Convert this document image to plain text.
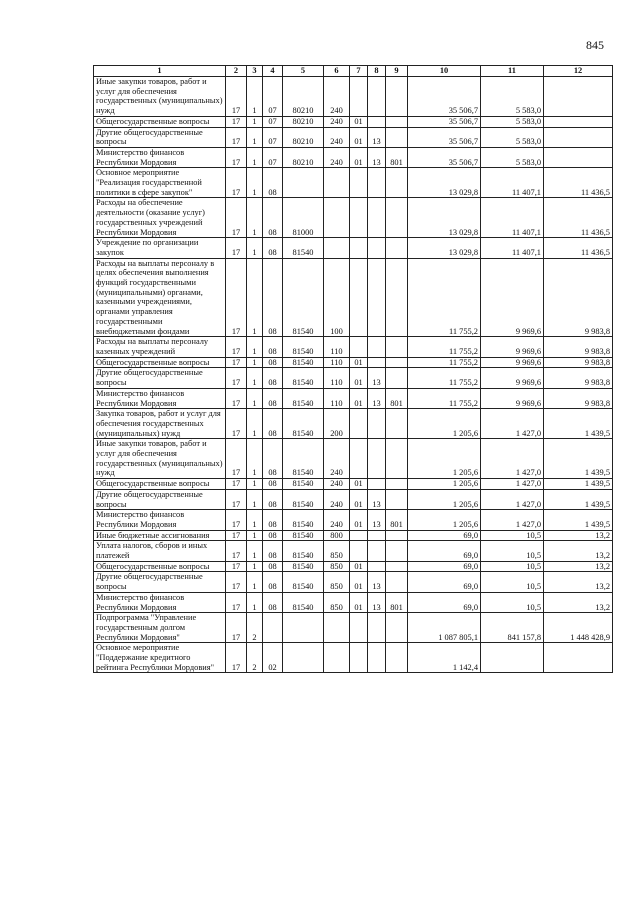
845
1	2	3	4	5	6	7	8	9	10	11	12
Иные закупки товаров, работ и услуг для обеспечения государственных (муниципальных) нужд	17	1	07	80210	240				35 506,7	5 583,0	
Общегосударственные вопросы	17	1	07	80210	240	01			35 506,7	5 583,0	
Другие общегосударственные вопросы	17	1	07	80210	240	01	13		35 506,7	5 583,0	
Министерство финансов Республики Мордовия	17	1	07	80210	240	01	13	801	35 506,7	5 583,0	
Основное мероприятие "Реализация государственной политики в сфере закупок"	17	1	08						13 029,8	11 407,1	11 436,5
Расходы на обеспечение деятельности (оказание услуг) государственных учреждений Республики Мордовия	17	1	08	81000					13 029,8	11 407,1	11 436,5
Учреждение по организации закупок	17	1	08	81540					13 029,8	11 407,1	11 436,5
Расходы на выплаты персоналу в целях обеспечения выполнения функций государственными (муниципальными) органами, казенными учреждениями, органами управления государственными внебюджетными фондами	17	1	08	81540	100				11 755,2	9 969,6	9 983,8
Расходы на выплаты персоналу казенных учреждений	17	1	08	81540	110				11 755,2	9 969,6	9 983,8
Общегосударственные вопросы	17	1	08	81540	110	01			11 755,2	9 969,6	9 983,8
Другие общегосударственные вопросы	17	1	08	81540	110	01	13		11 755,2	9 969,6	9 983,8
Министерство финансов Республики Мордовия	17	1	08	81540	110	01	13	801	11 755,2	9 969,6	9 983,8
Закупка товаров, работ и услуг для обеспечения государственных (муниципальных) нужд	17	1	08	81540	200				1 205,6	1 427,0	1 439,5
Иные закупки товаров, работ и услуг для обеспечения государственных (муниципальных) нужд	17	1	08	81540	240				1 205,6	1 427,0	1 439,5
Общегосударственные вопросы	17	1	08	81540	240	01			1 205,6	1 427,0	1 439,5
Другие общегосударственные вопросы	17	1	08	81540	240	01	13		1 205,6	1 427,0	1 439,5
Министерство финансов Республики Мордовия	17	1	08	81540	240	01	13	801	1 205,6	1 427,0	1 439,5
Иные бюджетные ассигнования	17	1	08	81540	800				69,0	10,5	13,2
Уплата налогов, сборов и иных платежей	17	1	08	81540	850				69,0	10,5	13,2
Общегосударственные вопросы	17	1	08	81540	850	01			69,0	10,5	13,2
Другие общегосударственные вопросы	17	1	08	81540	850	01	13		69,0	10,5	13,2
Министерство финансов Республики Мордовия	17	1	08	81540	850	01	13	801	69,0	10,5	13,2
Подпрограмма "Управление государственным долгом Республики Мордовия"	17	2							1 087 805,1	841 157,8	1 448 428,9
Основное мероприятие "Поддержание кредитного рейтинга Республики Мордовия"	17	2	02						1 142,4		
